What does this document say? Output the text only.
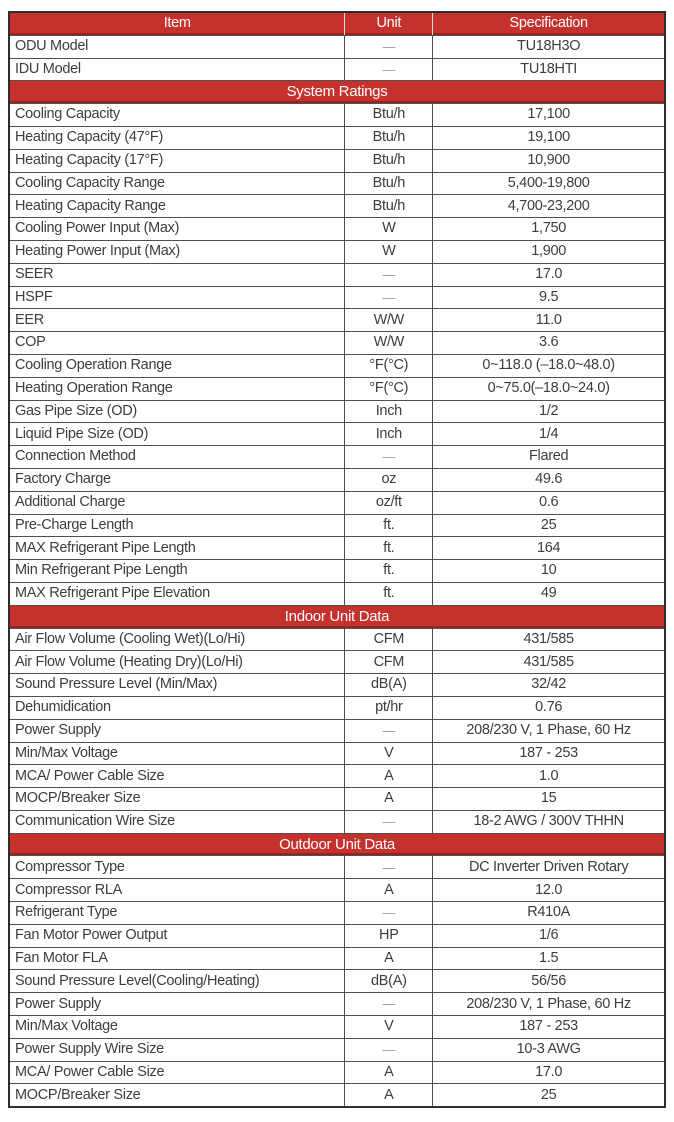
Item	Unit	Specification
ODU Model	—	TU18H3O
IDU Model	—	TU18HTI
System Ratings		
Cooling Capacity	Btu/h	17,100
Heating Capacity (47°F)	Btu/h	19,100
Heating Capacity (17°F)	Btu/h	10,900
Cooling Capacity Range	Btu/h	5,400-19,800
Heating Capacity Range	Btu/h	4,700-23,200
Cooling Power Input (Max)	W	1,750
Heating Power Input (Max)	W	1,900
SEER	—	17.0
HSPF	—	9.5
EER	W/W	11.0
COP	W/W	3.6
Cooling Operation Range	°F(°C)	0~118.0 (–18.0~48.0)
Heating Operation Range	°F(°C)	0~75.0(–18.0~24.0)
Gas Pipe Size (OD)	Inch	1/2
Liquid Pipe Size (OD)	Inch	1/4
Connection Method	—	Flared
Factory Charge	oz	49.6
Additional Charge	oz/ft	0.6
Pre-Charge Length	ft.	25
MAX Refrigerant Pipe Length	ft.	164
Min Refrigerant Pipe Length	ft.	10
MAX Refrigerant Pipe Elevation	ft.	49
Indoor Unit Data		
Air Flow Volume (Cooling Wet)(Lo/Hi)	CFM	431/585
Air Flow Volume (Heating Dry)(Lo/Hi)	CFM	431/585
Sound Pressure Level (Min/Max)	dB(A)	32/42
Dehumidication	pt/hr	0.76
Power Supply	—	208/230 V, 1 Phase, 60 Hz
Min/Max Voltage	V	187 - 253
MCA/ Power Cable Size	A	1.0
MOCP/Breaker Size	A	15
Communication Wire Size	—	18-2 AWG / 300V THHN
Outdoor Unit Data		
Compressor Type	—	DC Inverter Driven Rotary
Compressor RLA	A	12.0
Refrigerant Type	—	R410A
Fan Motor Power Output	HP	1/6
Fan Motor FLA	A	1.5
Sound Pressure Level(Cooling/Heating)	dB(A)	56/56
Power Supply	—	208/230 V, 1 Phase, 60 Hz
Min/Max Voltage	V	187 - 253
Power Supply Wire Size	—	10-3 AWG
MCA/ Power Cable Size	A	17.0
MOCP/Breaker Size	A	25
